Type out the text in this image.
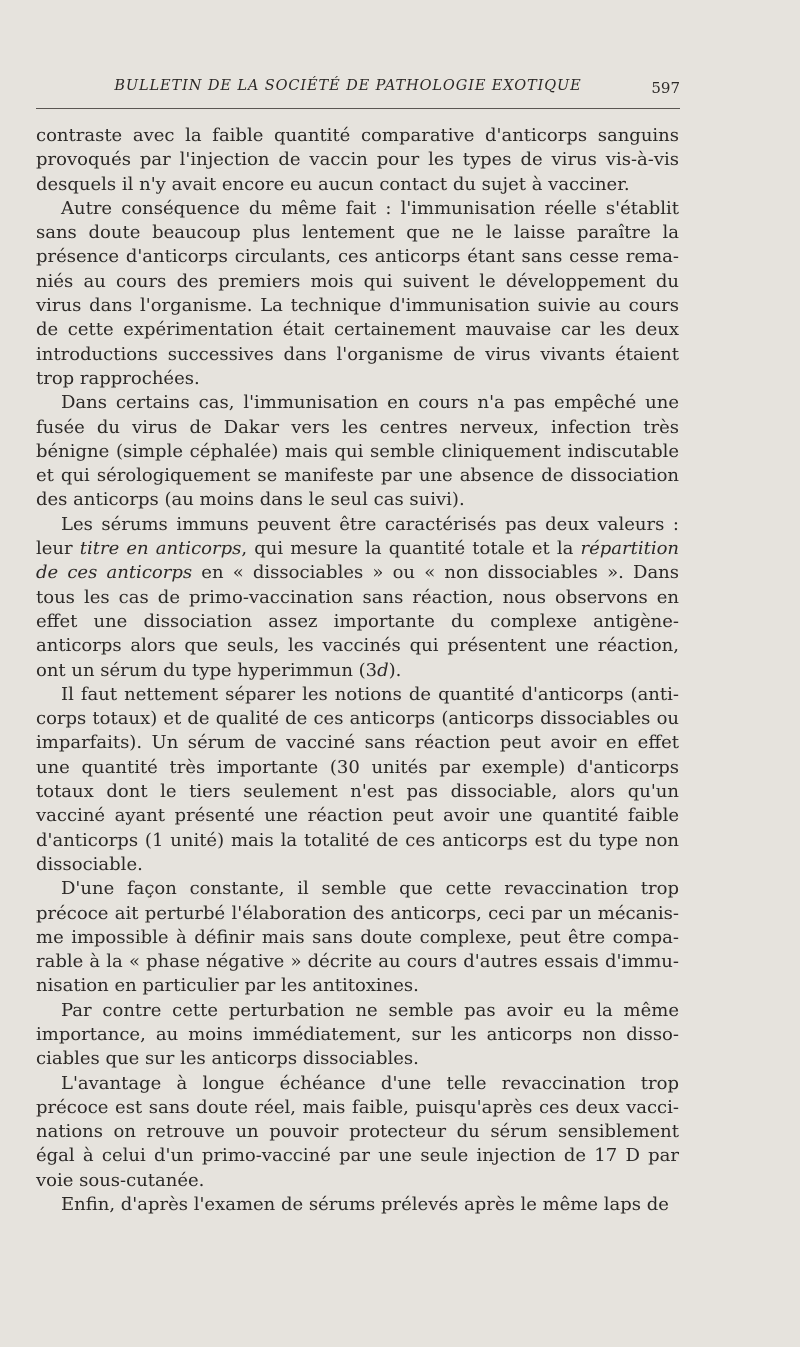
BULLETIN DE LA SOCIÉTÉ DE PATHOLOGIE EXOTIQUE	597

contraste avec la faible quantité comparative d'anticorps sanguins provoqués par l'injection de vaccin pour les types de virus vis-à-vis desquels il n'y avait encore eu aucun contact du sujet à vacciner.

Autre conséquence du même fait : l'immunisation réelle s'établit sans doute beaucoup plus lentement que ne le laisse paraître la présence d'anticorps circulants, ces anticorps étant sans cesse remaniés au cours des premiers mois qui suivent le développement du virus dans l'organisme. La technique d'immunisation suivie au cours de cette expérimentation était certainement mauvaise car les deux introductions successives dans l'organisme de virus vivants étaient trop rapprochées.

Dans certains cas, l'immunisation en cours n'a pas empêché une fusée du virus de Dakar vers les centres nerveux, infection très bénigne (simple céphalée) mais qui semble cliniquement indiscutable et qui sérologiquement se manifeste par une absence de dissociation des anticorps (au moins dans le seul cas suivi).

Les sérums immuns peuvent être caractérisés pas deux valeurs : leur titre en anticorps, qui mesure la quantité totale et la répartition de ces anticorps en « dissociables » ou « non dissociables ». Dans tous les cas de primo-vaccination sans réaction, nous observons en effet une dissociation assez importante du complexe antigène-anticorps alors que seuls, les vaccinés qui présentent une réaction, ont un sérum du type hyperimmun (3d).

Il faut nettement séparer les notions de quantité d'anticorps (anticorps totaux) et de qualité de ces anticorps (anticorps dissociables ou imparfaits). Un sérum de vacciné sans réaction peut avoir en effet une quantité très importante (30 unités par exemple) d'anticorps totaux dont le tiers seulement n'est pas dissociable, alors qu'un vacciné ayant présenté une réaction peut avoir une quantité faible d'anticorps (1 unité) mais la totalité de ces anticorps est du type non dissociable.

D'une façon constante, il semble que cette revaccination trop précoce ait perturbé l'élaboration des anticorps, ceci par un mécanisme impossible à définir mais sans doute complexe, peut être comparable à la « phase négative » décrite au cours d'autres essais d'immunisation en particulier par les antitoxines.

Par contre cette perturbation ne semble pas avoir eu la même importance, au moins immédiatement, sur les anticorps non dissociables que sur les anticorps dissociables.

L'avantage à longue échéance d'une telle revaccination trop précoce est sans doute réel, mais faible, puisqu'après ces deux vaccinations on retrouve un pouvoir protecteur du sérum sensiblement égal à celui d'un primo-vacciné par une seule injection de 17 D par voie sous-cutanée.

Enfin, d'après l'examen de sérums prélevés après le même laps de
